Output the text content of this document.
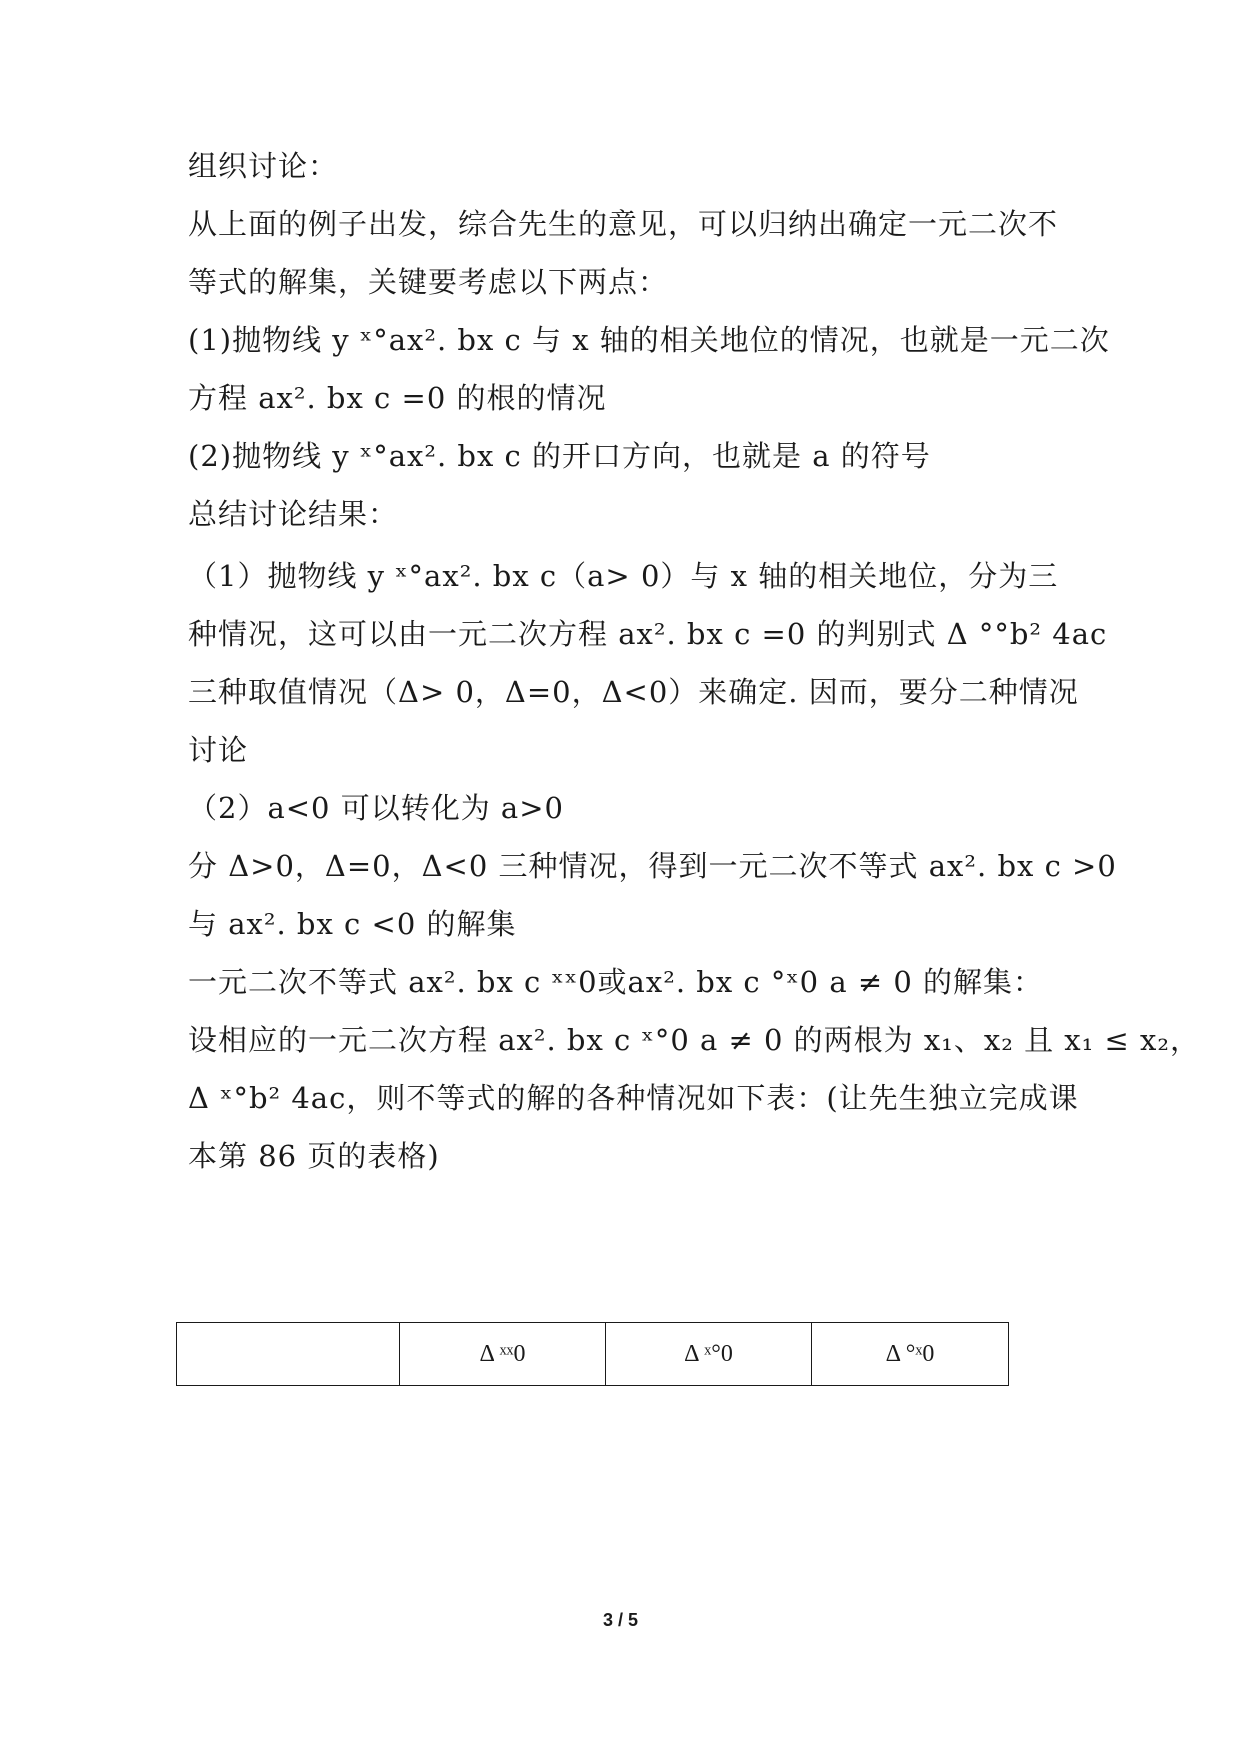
组织讨论：
从上面的例子出发，综合先生的意见，可以归纳出确定一元二次不
等式的解集，关键要考虑以下两点：
(1)抛物线 y ˣ°ax². bx c 与 x 轴的相关地位的情况，也就是一元二次
方程 ax². bx c =0 的根的情况
(2)抛物线 y ˣ°ax². bx c 的开口方向，也就是 a 的符号
总结讨论结果：
（1）抛物线 y ˣ°ax². bx c（a> 0）与 x 轴的相关地位，分为三
种情况，这可以由一元二次方程 ax². bx c =0 的判别式 Δ °°b² 4ac
三种取值情况（Δ> 0，Δ=0，Δ<0）来确定. 因而，要分二种情况
讨论
（2）a<0 可以转化为 a>0
分 Δ>0，Δ=0，Δ<0 三种情况，得到一元二次不等式 ax². bx c >0
与 ax². bx c <0 的解集
一元二次不等式 ax². bx c ˣˣ0或ax². bx c °ˣ0 a ≠ 0 的解集：
设相应的一元二次方程 ax². bx c ˣ°0 a ≠ 0 的两根为 x₁、x₂ 且 x₁ ≤ x₂，
Δ ˣ°b² 4ac，则不等式的解的各种情况如下表：(让先生独立完成课
本第 86 页的表格)
	Δ ˣˣ0	Δ ˣ°0	Δ °ˣ0
3 / 5
